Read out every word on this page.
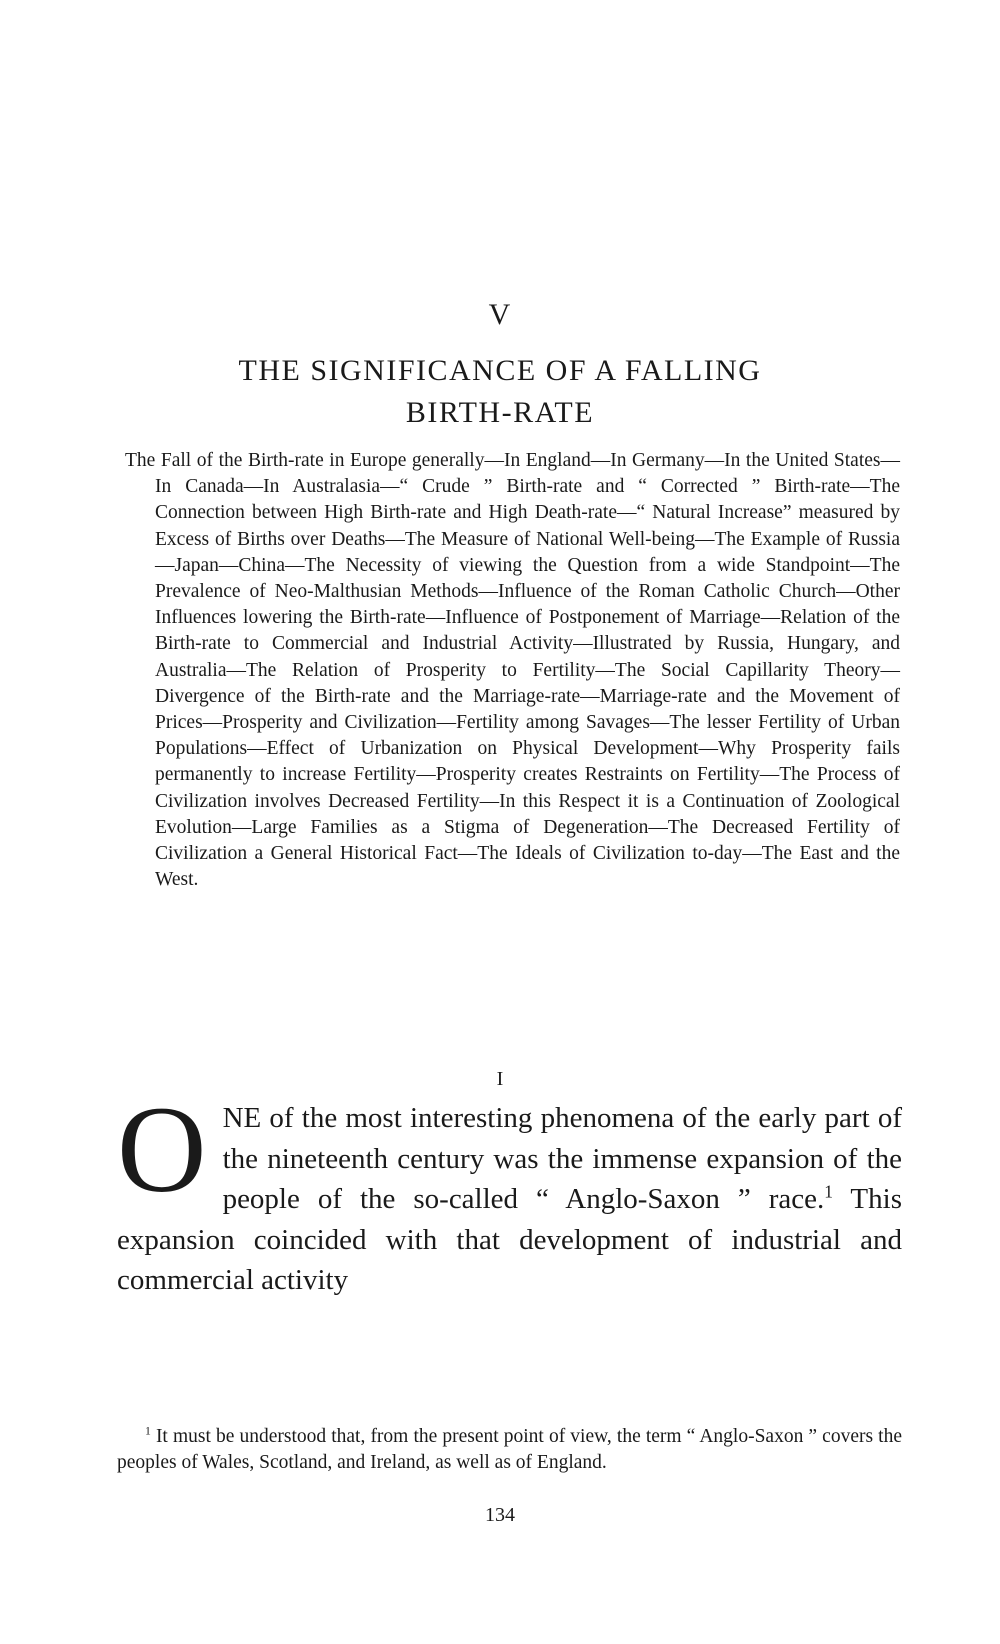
V
THE SIGNIFICANCE OF A FALLING
BIRTH-RATE

The Fall of the Birth-rate in Europe generally—In England—In Germany—In the United States—In Canada—In Australasia—“ Crude ” Birth-rate and “ Corrected ” Birth-rate—The Connection between High Birth-rate and High Death-rate—“ Natural Increase” measured by Excess of Births over Deaths—The Measure of National Well-being—The Example of Russia—Japan—China—The Necessity of viewing the Question from a wide Standpoint—The Prevalence of Neo-Malthusian Methods—Influence of the Roman Catholic Church—Other Influences lowering the Birth-rate—Influence of Postponement of Marriage—Relation of the Birth-rate to Commercial and Industrial Activity—Illustrated by Russia, Hungary, and Australia—The Relation of Prosperity to Fertility—The Social Capillarity Theory—Divergence of the Birth-rate and the Marriage-rate—Marriage-rate and the Movement of Prices—Prosperity and Civilization—Fertility among Savages—The lesser Fertility of Urban Populations—Effect of Urbanization on Physical Development—Why Prosperity fails permanently to increase Fertility—Prosperity creates Restraints on Fertility—The Process of Civilization involves Decreased Fertility—In this Respect it is a Continuation of Zoological Evolution—Large Families as a Stigma of Degeneration—The Decreased Fertility of Civilization a General Historical Fact—The Ideals of Civilization to-day—The East and the West.

I

ONE of the most interesting phenomena of the early part of the nineteenth century was the immense expansion of the people of the so-called “ Anglo-Saxon ” race.$^1$ This expansion coincided with that development of industrial and commercial activity

$^1$ It must be understood that, from the present point of view, the term “ Anglo-Saxon ” covers the peoples of Wales, Scotland, and Ireland, as well as of England.

134
